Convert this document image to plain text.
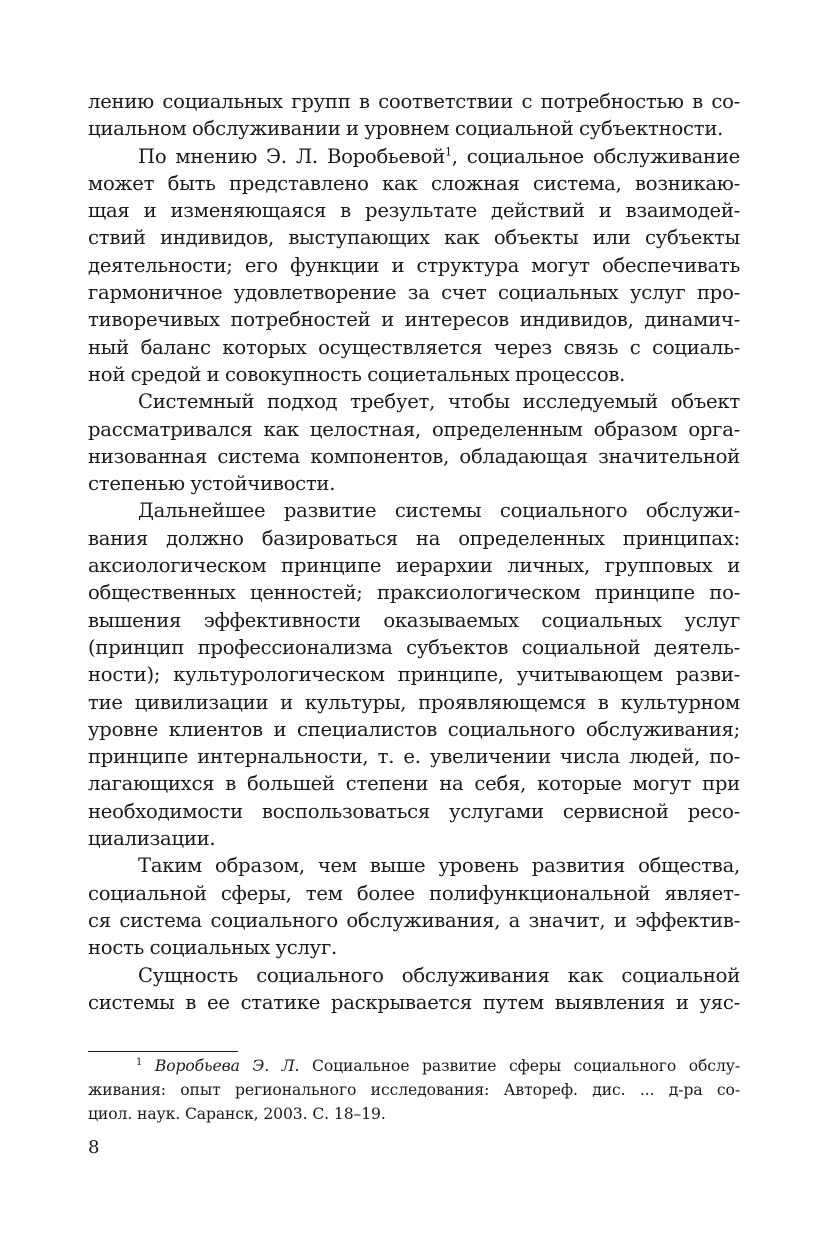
лению социальных групп в соответствии с потребностью в со-
циальном обслуживании и уровнем социальной субъектности.
По мнению Э. Л. Воробьевой$^1$, социальное обслуживание
может быть представлено как сложная система, возникаю-
щая и изменяющаяся в результате действий и взаимодей-
ствий индивидов, выступающих как объекты или субъекты
деятельности; его функции и структура могут обеспечивать
гармоничное удовлетворение за счет социальных услуг про-
тиворечивых потребностей и интересов индивидов, динамич-
ный баланс которых осуществляется через связь с социаль-
ной средой и совокупность социетальных процессов.
Системный подход требует, чтобы исследуемый объект
рассматривался как целостная, определенным образом орга-
низованная система компонентов, обладающая значительной
степенью устойчивости.
Дальнейшее развитие системы социального обслужи-
вания должно базироваться на определенных принципах:
аксиологическом принципе иерархии личных, групповых и
общественных ценностей; праксиологическом принципе по-
вышения эффективности оказываемых социальных услуг
(принцип профессионализма субъектов социальной деятель-
ности); культурологическом принципе, учитывающем разви-
тие цивилизации и культуры, проявляющемся в культурном
уровне клиентов и специалистов социального обслуживания;
принципе интернальности, т. е. увеличении числа людей, по-
лагающихся в большей степени на себя, которые могут при
необходимости воспользоваться услугами сервисной ресо-
циализации.
Таким образом, чем выше уровень развития общества,
социальной сферы, тем более полифункциональной являет-
ся система социального обслуживания, а значит, и эффектив-
ность социальных услуг.
Сущность социального обслуживания как социальной
системы в ее статике раскрывается путем выявления и уяс-
$^1$ Воробьева Э. Л. Социальное развитие сферы социального обслу-
живания: опыт регионального исследования: Автореф. дис. ... д-ра со-
циол. наук. Саранск, 2003. С. 18–19.
8
